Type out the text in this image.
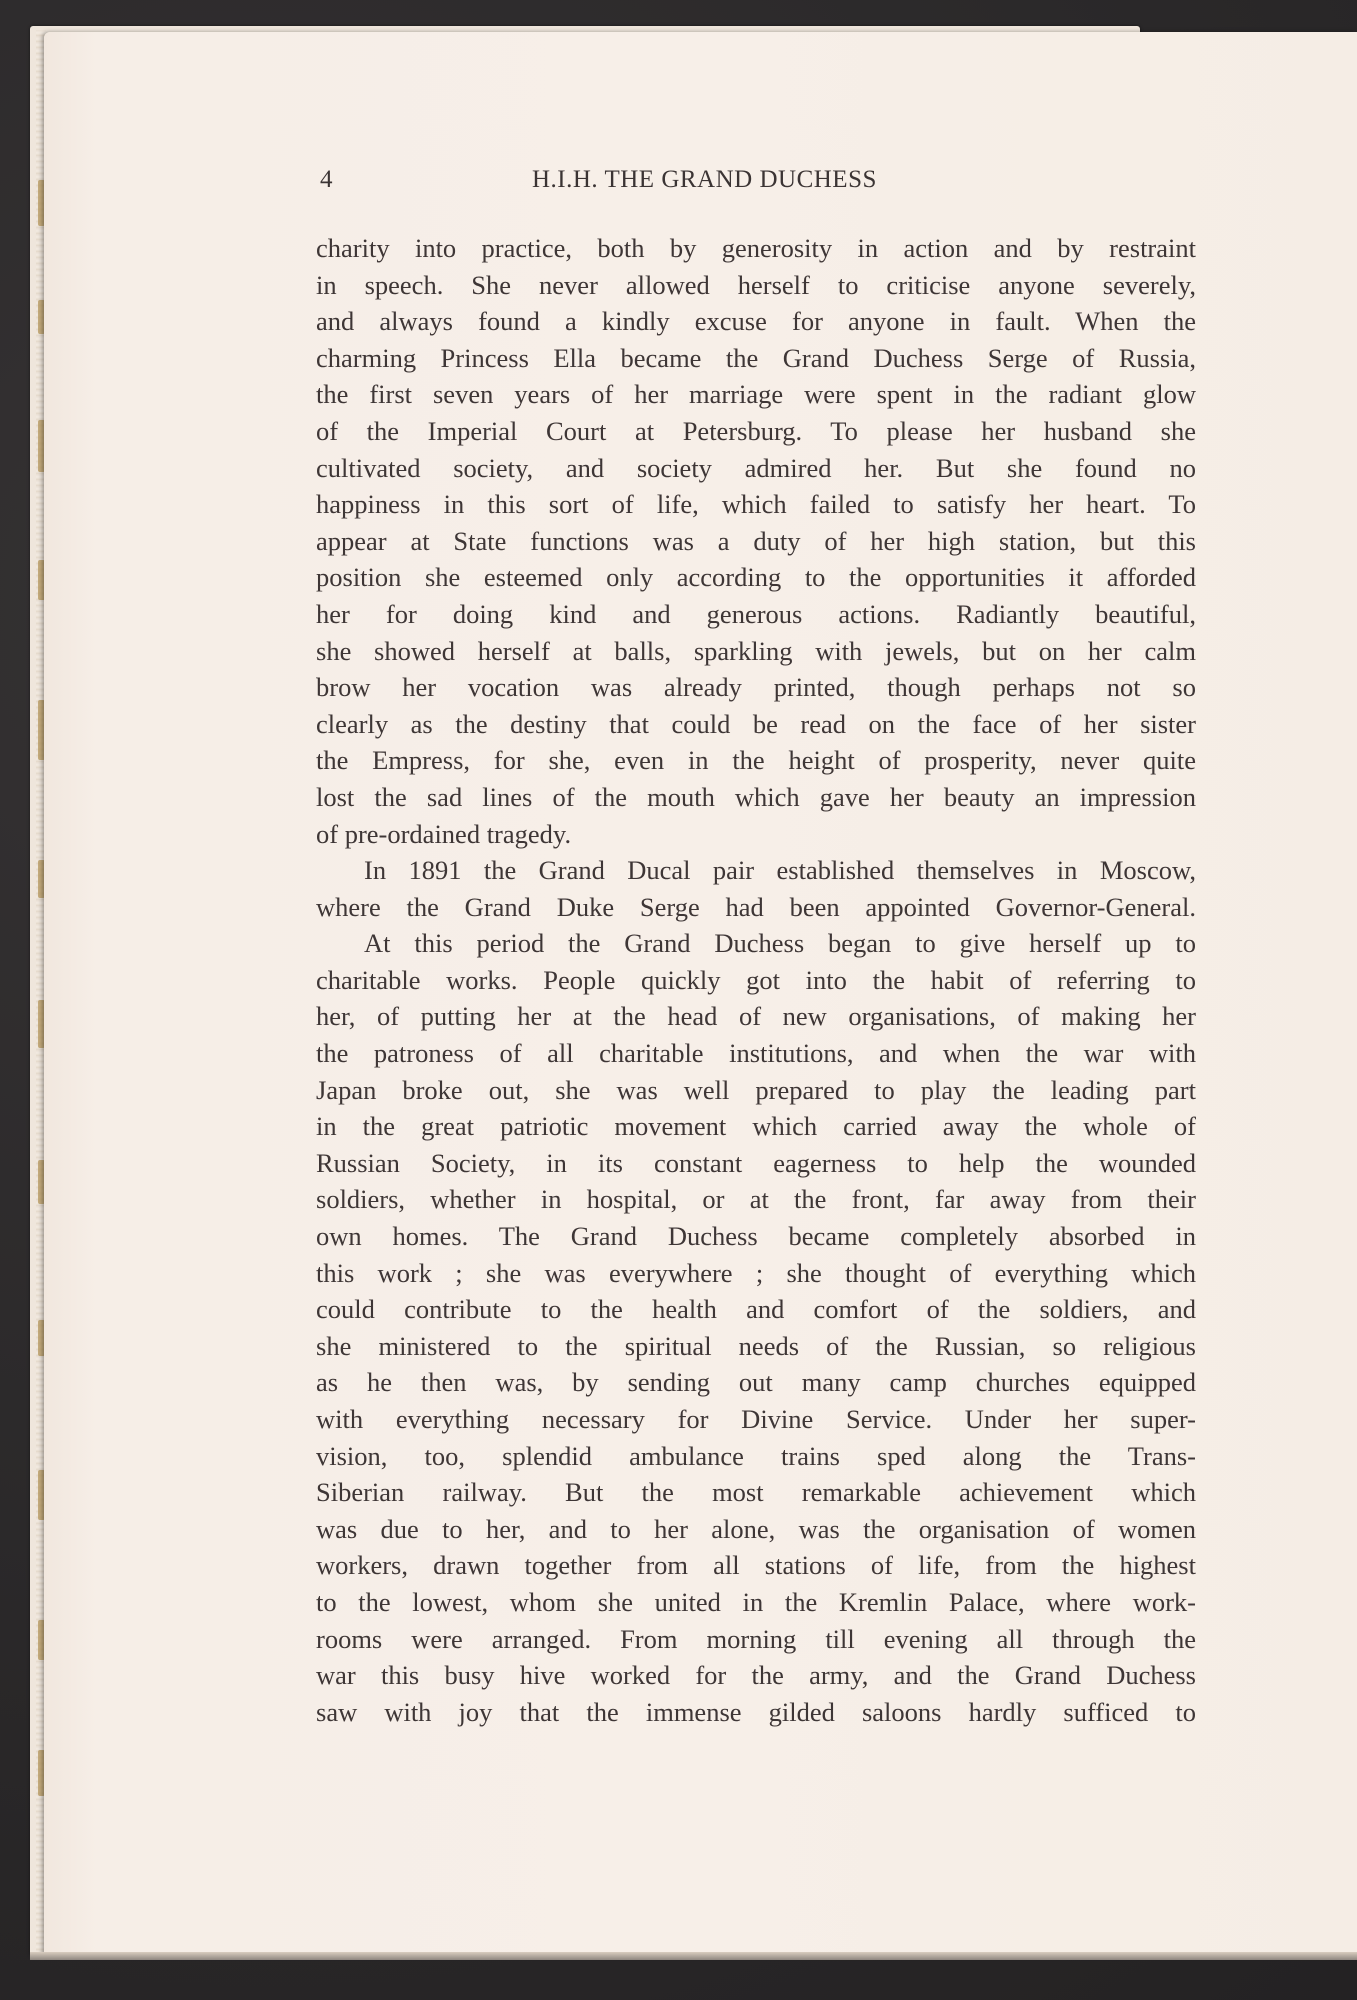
4	H.I.H. THE GRAND DUCHESS
charity into practice, both by generosity in action and by restraint
in speech. She never allowed herself to criticise anyone severely,
and always found a kindly excuse for anyone in fault. When the
charming Princess Ella became the Grand Duchess Serge of Russia,
the first seven years of her marriage were spent in the radiant glow
of the Imperial Court at Petersburg. To please her husband she
cultivated society, and society admired her. But she found no
happiness in this sort of life, which failed to satisfy her heart. To
appear at State functions was a duty of her high station, but this
position she esteemed only according to the opportunities it afforded
her for doing kind and generous actions. Radiantly beautiful,
she showed herself at balls, sparkling with jewels, but on her calm
brow her vocation was already printed, though perhaps not so
clearly as the destiny that could be read on the face of her sister
the Empress, for she, even in the height of prosperity, never quite
lost the sad lines of the mouth which gave her beauty an impression
of pre-ordained tragedy.
In 1891 the Grand Ducal pair established themselves in Moscow,
where the Grand Duke Serge had been appointed Governor-General.
At this period the Grand Duchess began to give herself up to
charitable works. People quickly got into the habit of referring to
her, of putting her at the head of new organisations, of making her
the patroness of all charitable institutions, and when the war with
Japan broke out, she was well prepared to play the leading part
in the great patriotic movement which carried away the whole of
Russian Society, in its constant eagerness to help the wounded
soldiers, whether in hospital, or at the front, far away from their
own homes. The Grand Duchess became completely absorbed in
this work ; she was everywhere ; she thought of everything which
could contribute to the health and comfort of the soldiers, and
she ministered to the spiritual needs of the Russian, so religious
as he then was, by sending out many camp churches equipped
with everything necessary for Divine Service. Under her super-
vision, too, splendid ambulance trains sped along the Trans-
Siberian railway. But the most remarkable achievement which
was due to her, and to her alone, was the organisation of women
workers, drawn together from all stations of life, from the highest
to the lowest, whom she united in the Kremlin Palace, where work-
rooms were arranged. From morning till evening all through the
war this busy hive worked for the army, and the Grand Duchess
saw with joy that the immense gilded saloons hardly sufficed to
